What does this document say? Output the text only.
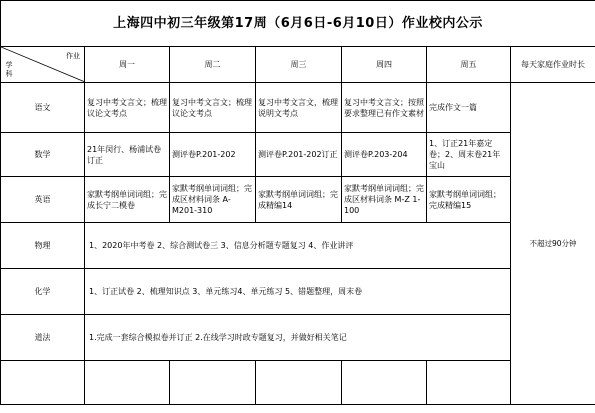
上海四中初三年级第17周（6月6日-6月10日）作业校内公示						

作业
学科	周一	周二	周三	周四	周五	每天家庭作业时长
语文	复习中考文言文；梳理议论文考点	复习中考文言文；梳理议论文考点	复习中考文言文，梳理说明文考点	复习中考文言文；按照要求整理已有作文素材	完成作文一篇	不超过90分钟
数学	21年闵行、杨浦试卷订正	测评卷P.201-202	测评卷P.201-202订正	测评卷P.203-204	1、订正21年嘉定卷；2、周末卷21年宝山	
英语	家默考纲单词词组；完成长宁二模卷	家默考纲单词词组；完成区材料词条 A-M201-310	家默考纲单词词组；完成精编14	家默考纲单词词组；完成区材料词条 M-Z 1-100	家默考纲单词词组；完成精编15	
物理	1、2020年中考卷 2、综合测试卷三 3、信息分析题专题复习 4、作业讲评					
化学	1、订正试卷 2、梳理知识点 3、单元练习4、单元练习 5、错题整理，周末卷					
道法	1.完成一套综合模拟卷并订正 2.在线学习时政专题复习，并做好相关笔记					
